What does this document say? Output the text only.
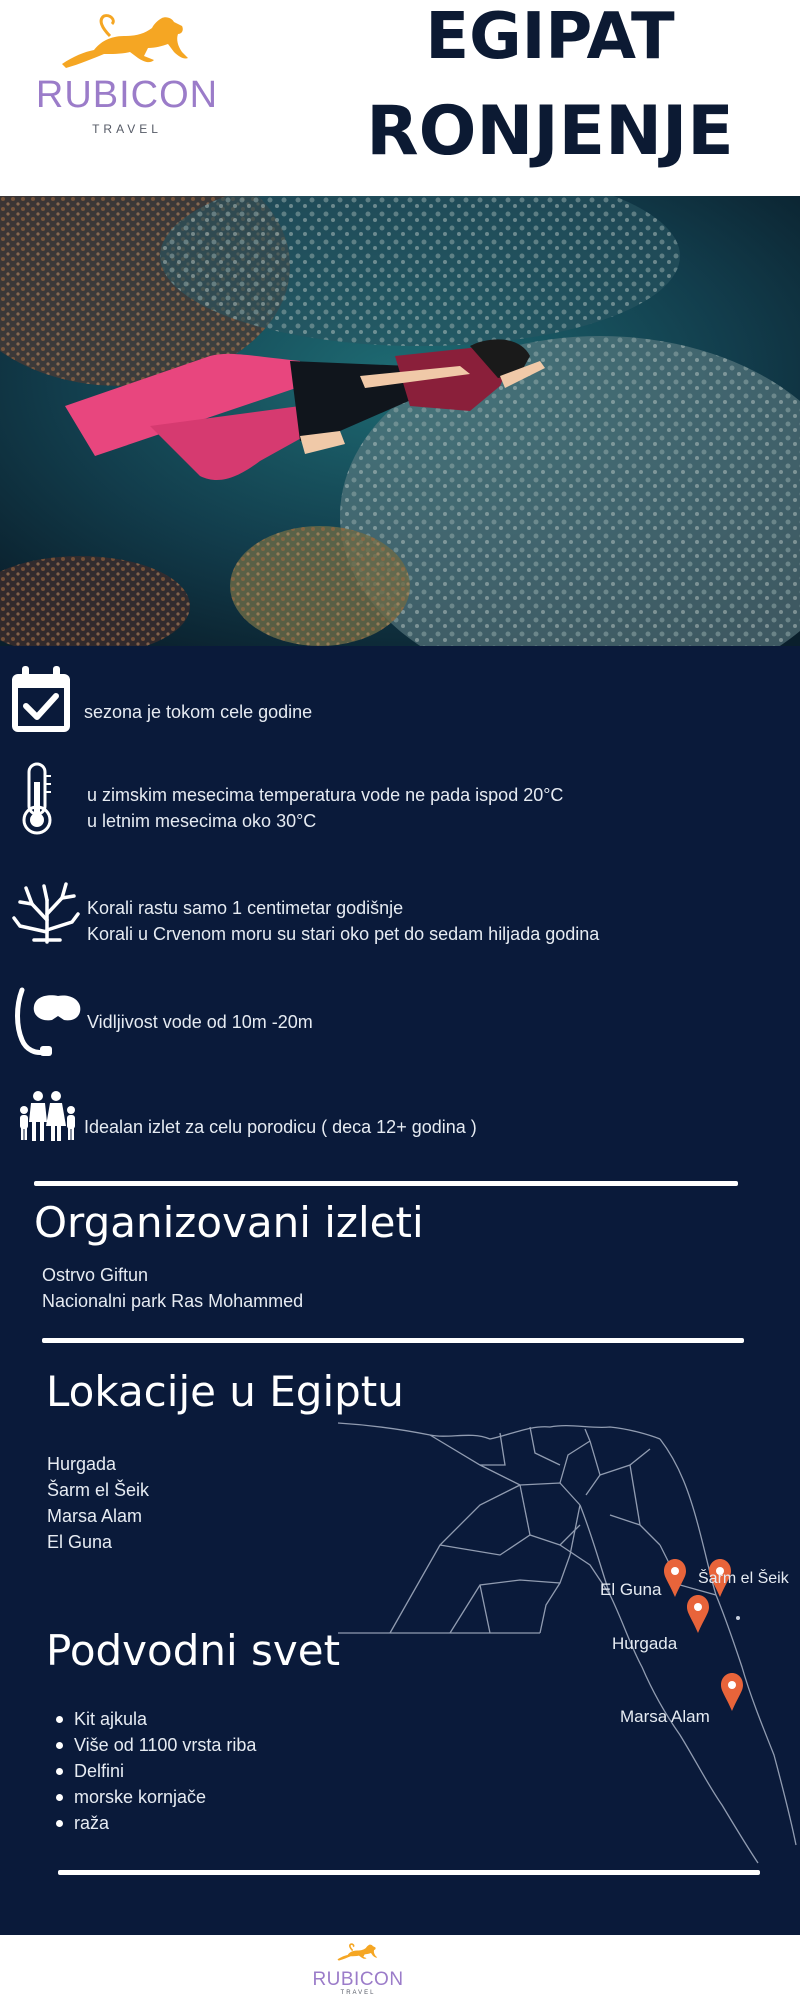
RUBICON
TRAVEL
EGIPAT
RONJENJE
sezona je tokom cele godine
u zimskim mesecima temperatura vode ne pada ispod 20°C
u letnim mesecima oko 30°C
Korali rastu samo 1 centimetar godišnje
Korali u Crvenom moru su stari oko pet do sedam hiljada godina
Vidljivost vode od 10m -20m
Idealan izlet za celu porodicu ( deca 12+ godina )
Organizovani izleti
Ostrvo Giftun
Nacionalni park Ras Mohammed
Lokacije u Egiptu
Hurgada
Šarm el Šeik
Marsa Alam
El Guna
El Guna
Šarm el Šeik
Hurgada
Marsa Alam
Podvodni svet
Kit ajkula
Više od 1100 vrsta riba
Delfini
morske kornjače
raža
RUBICON
TRAVEL
